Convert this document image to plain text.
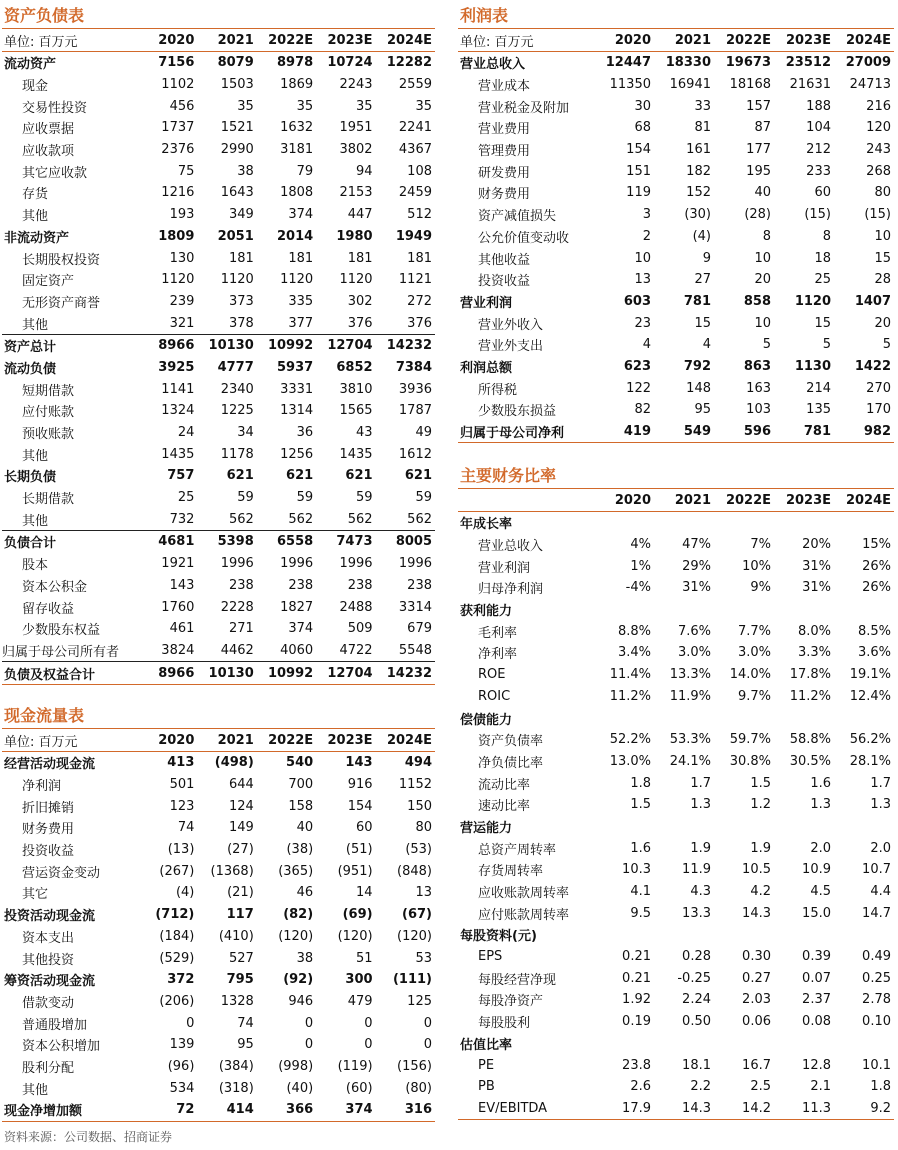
资产负债表
单位: 百万元	2020	2021	2022E	2023E	2024E
流动资产	7156	8079	8978	10724	12282
现金	1102	1503	1869	2243	2559
交易性投资	456	35	35	35	35
应收票据	1737	1521	1632	1951	2241
应收款项	2376	2990	3181	3802	4367
其它应收款	75	38	79	94	108
存货	1216	1643	1808	2153	2459
其他	193	349	374	447	512
非流动资产	1809	2051	2014	1980	1949
长期股权投资	130	181	181	181	181
固定资产	1120	1120	1120	1120	1121
无形资产商誉	239	373	335	302	272
其他	321	378	377	376	376
资产总计	8966	10130	10992	12704	14232
流动负债	3925	4777	5937	6852	7384
短期借款	1141	2340	3331	3810	3936
应付账款	1324	1225	1314	1565	1787
预收账款	24	34	36	43	49
其他	1435	1178	1256	1435	1612
长期负债	757	621	621	621	621
长期借款	25	59	59	59	59
其他	732	562	562	562	562
负债合计	4681	5398	6558	7473	8005
股本	1921	1996	1996	1996	1996
资本公积金	143	238	238	238	238
留存收益	1760	2228	1827	2488	3314
少数股东权益	461	271	374	509	679
归属于母公司所有者	3824	4462	4060	4722	5548
负债及权益合计	8966	10130	10992	12704	14232
现金流量表
单位: 百万元	2020	2021	2022E	2023E	2024E
经营活动现金流	413	(498)	540	143	494
净利润	501	644	700	916	1152
折旧摊销	123	124	158	154	150
财务费用	74	149	40	60	80
投资收益	(13)	(27)	(38)	(51)	(53)
营运资金变动	(267)	(1368)	(365)	(951)	(848)
其它	(4)	(21)	46	14	13
投资活动现金流	(712)	117	(82)	(69)	(67)
资本支出	(184)	(410)	(120)	(120)	(120)
其他投资	(529)	527	38	51	53
筹资活动现金流	372	795	(92)	300	(111)
借款变动	(206)	1328	946	479	125
普通股增加	0	74	0	0	0
资本公积增加	139	95	0	0	0
股利分配	(96)	(384)	(998)	(119)	(156)
其他	534	(318)	(40)	(60)	(80)
现金净增加额	72	414	366	374	316
利润表
单位: 百万元	2020	2021	2022E	2023E	2024E
营业总收入	12447	18330	19673	23512	27009
营业成本	11350	16941	18168	21631	24713
营业税金及附加	30	33	157	188	216
营业费用	68	81	87	104	120
管理费用	154	161	177	212	243
研发费用	151	182	195	233	268
财务费用	119	152	40	60	80
资产减值损失	3	(30)	(28)	(15)	(15)
公允价值变动收	2	(4)	8	8	10
其他收益	10	9	10	18	15
投资收益	13	27	20	25	28
营业利润	603	781	858	1120	1407
营业外收入	23	15	10	15	20
营业外支出	4	4	5	5	5
利润总额	623	792	863	1130	1422
所得税	122	148	163	214	270
少数股东损益	82	95	103	135	170
归属于母公司净利	419	549	596	781	982
主要财务比率
	2020	2021	2022E	2023E	2024E
年成长率					
营业总收入	4%	47%	7%	20%	15%
营业利润	1%	29%	10%	31%	26%
归母净利润	-4%	31%	9%	31%	26%
获利能力					
毛利率	8.8%	7.6%	7.7%	8.0%	8.5%
净利率	3.4%	3.0%	3.0%	3.3%	3.6%
ROE	11.4%	13.3%	14.0%	17.8%	19.1%
ROIC	11.2%	11.9%	9.7%	11.2%	12.4%
偿债能力					
资产负债率	52.2%	53.3%	59.7%	58.8%	56.2%
净负债比率	13.0%	24.1%	30.8%	30.5%	28.1%
流动比率	1.8	1.7	1.5	1.6	1.7
速动比率	1.5	1.3	1.2	1.3	1.3
营运能力					
总资产周转率	1.6	1.9	1.9	2.0	2.0
存货周转率	10.3	11.9	10.5	10.9	10.7
应收账款周转率	4.1	4.3	4.2	4.5	4.4
应付账款周转率	9.5	13.3	14.3	15.0	14.7
每股资料(元)					
EPS	0.21	0.28	0.30	0.39	0.49
每股经营净现	0.21	-0.25	0.27	0.07	0.25
每股净资产	1.92	2.24	2.03	2.37	2.78
每股股利	0.19	0.50	0.06	0.08	0.10
估值比率					
PE	23.8	18.1	16.7	12.8	10.1
PB	2.6	2.2	2.5	2.1	1.8
EV/EBITDA	17.9	14.3	14.2	11.3	9.2
资料来源：公司数据、招商证券
